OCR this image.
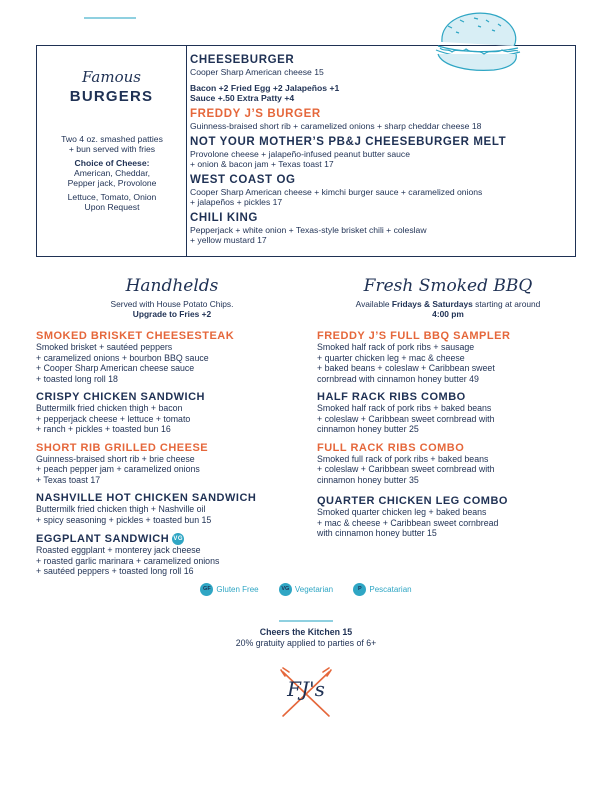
Famous
BURGERS
Two 4 oz. smashed patties
+ bun served with fries
Choice of Cheese:
American, Cheddar,
Pepper jack, Provolone
Lettuce, Tomato, Onion
Upon Request
CHEESEBURGER
Cooper Sharp American cheese 15
Bacon +2 Fried Egg +2 Jalapeños +1
Sauce +.50 Extra Patty +4
FREDDY J’S BURGER
Guinness-braised short rib + caramelized onions + sharp cheddar cheese 18
NOT YOUR MOTHER’S PB&J CHEESEBURGER MELT
Provolone cheese + jalapeño-infused peanut butter sauce
+ onion & bacon jam + Texas toast 17
WEST COAST OG
Cooper Sharp American cheese + kimchi burger sauce + caramelized onions
+ jalapeños + pickles 17
CHILI KING
Pepperjack + white onion + Texas-style brisket chili + coleslaw
+ yellow mustard 17
Handhelds
Served with House Potato Chips.
Upgrade to Fries +2
SMOKED BRISKET CHEESESTEAK
Smoked brisket + sautéed peppers
+ caramelized onions + bourbon BBQ sauce
+ Cooper Sharp American cheese sauce
+ toasted long roll 18
CRISPY CHICKEN SANDWICH
Buttermilk fried chicken thigh + bacon
+ pepperjack cheese + lettuce + tomato
+ ranch + pickles + toasted bun 16
SHORT RIB GRILLED CHEESE
Guinness-braised short rib + brie cheese
+ peach pepper jam + caramelized onions
+ Texas toast 17
NASHVILLE HOT CHICKEN SANDWICH
Buttermilk fried chicken thigh + Nashville oil
+ spicy seasoning + pickles + toasted bun 15
EGGPLANT SANDWICH VG
Roasted eggplant + monterey jack cheese
+ roasted garlic marinara + caramelized onions
+ sautéed peppers + toasted long roll 16
Fresh Smoked BBQ
Available Fridays & Saturdays starting at around
4:00 pm
FREDDY J’S FULL BBQ SAMPLER
Smoked half rack of pork ribs + sausage
+ quarter chicken leg + mac & cheese
+ baked beans + coleslaw + Caribbean sweet
cornbread with cinnamon honey butter 49
HALF RACK RIBS COMBO
Smoked half rack of pork ribs + baked beans
+ coleslaw + Caribbean sweet cornbread with
cinnamon honey butter 25
FULL RACK RIBS COMBO
Smoked full rack of pork ribs + baked beans
+ coleslaw + Caribbean sweet cornbread with
cinnamon honey butter 35
QUARTER CHICKEN LEG COMBO
Smoked quarter chicken leg + baked beans
+ mac & cheese + Caribbean sweet cornbread
with cinnamon honey butter 15
GF Gluten Free	VG Vegetarian	P Pescatarian
Cheers the Kitchen 15
20% gratuity applied to parties of 6+
FJ's
